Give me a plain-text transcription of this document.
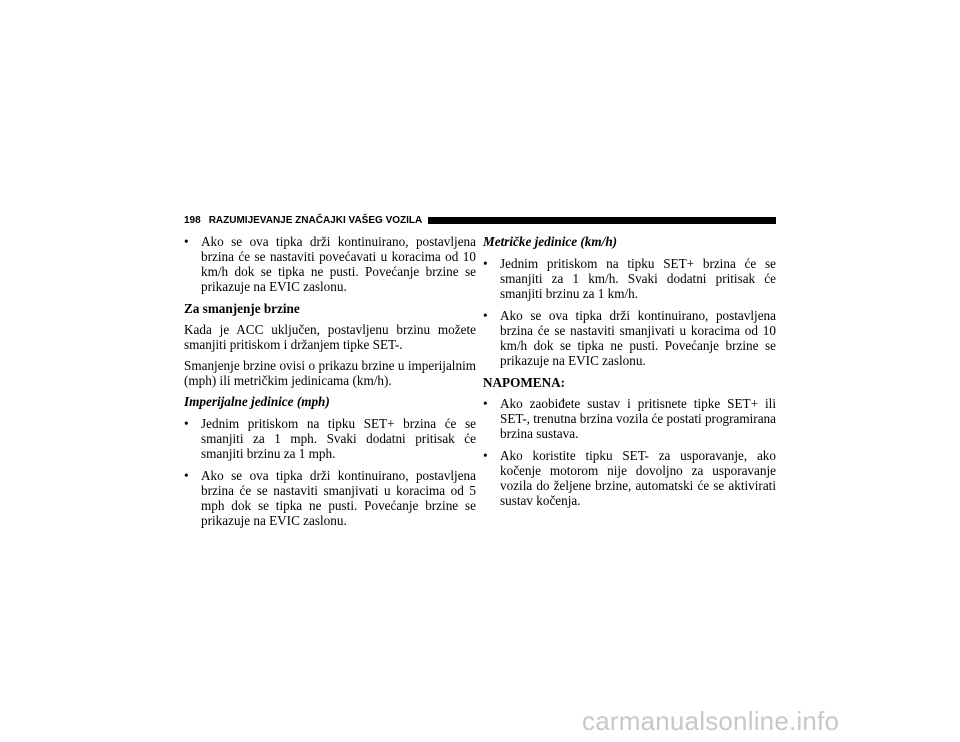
198 RAZUMIJEVANJE ZNAČAJKI VAŠEG VOZILA
• Ako se ova tipka drži kontinuirano, postavljena brzina će se nastaviti povećavati u koracima od 10 km/h dok se tipka ne pusti. Povećanje brzine se prikazuje na EVIC zaslonu.
Za smanjenje brzine
Kada je ACC uključen, postavljenu brzinu možete smanjiti pritiskom i držanjem tipke SET-.
Smanjenje brzine ovisi o prikazu brzine u imperijalnim (mph) ili metričkim jedinicama (km/h).
Imperijalne jedinice (mph)
• Jednim pritiskom na tipku SET+ brzina će se smanjiti za 1 mph. Svaki dodatni pritisak će smanjiti brzinu za 1 mph.
• Ako se ova tipka drži kontinuirano, postavljena brzina će se nastaviti smanjivati u koracima od 5 mph dok se tipka ne pusti. Povećanje brzine se prikazuje na EVIC zaslonu.
Metričke jedinice (km/h)
• Jednim pritiskom na tipku SET+ brzina će se smanjiti za 1 km/h. Svaki dodatni pritisak će smanjiti brzinu za 1 km/h.
• Ako se ova tipka drži kontinuirano, postavljena brzina će se nastaviti smanjivati u koracima od 10 km/h dok se tipka ne pusti. Povećanje brzine se prikazuje na EVIC zaslonu.
NAPOMENA:
• Ako zaobiđete sustav i pritisnete tipke SET+ ili SET-, trenutna brzina vozila će postati programirana brzina sustava.
• Ako koristite tipku SET- za usporavanje, ako kočenje motorom nije dovoljno za usporavanje vozila do željene brzine, automatski će se aktivirati sustav kočenja.
carmanualsonline.info
